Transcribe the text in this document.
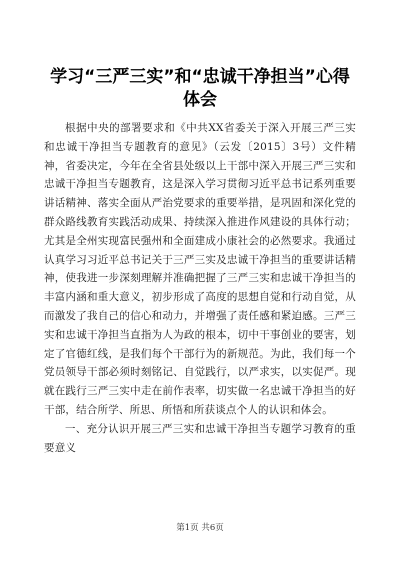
学习“三严三实”和“忠诚干净担当”心得体会

根据中央的部署要求和《中共XX省委关于深入开展三严三实和忠诚干净担当专题教育的意见》（云发〔2015〕3号）文件精神，省委决定，今年在全省县处级以上干部中深入开展三严三实和忠诚干净担当专题教育，这是深入学习贯彻习近平总书记系列重要讲话精神、落实全面从严治党要求的重要举措，是巩固和深化党的群众路线教育实践活动成果、持续深入推进作风建设的具体行动；尤其是全州实现富民强州和全面建成小康社会的必然要求。我通过认真学习习近平总书记关于三严三实及忠诚干净担当的重要讲话精神，使我进一步深刻理解并准确把握了三严三实和忠诚干净担当的丰富内涵和重大意义，初步形成了高度的思想自觉和行动自觉，从而激发了我自己的信心和动力，并增强了责任感和紧迫感。三严三实和忠诚干净担当直指为人为政的根本，切中干事创业的要害，划定了官德红线，是我们每个干部行为的新规范。为此，我们每一个党员领导干部必须时刻铭记、自觉践行，以严求实，以实促严。现就在践行三严三实中走在前作表率，切实做一名忠诚干净担当的好干部，结合所学、所思、所悟和所获谈点个人的认识和体会。

一、充分认识开展三严三实和忠诚干净担当专题学习教育的重要意义

第1页 共6页
